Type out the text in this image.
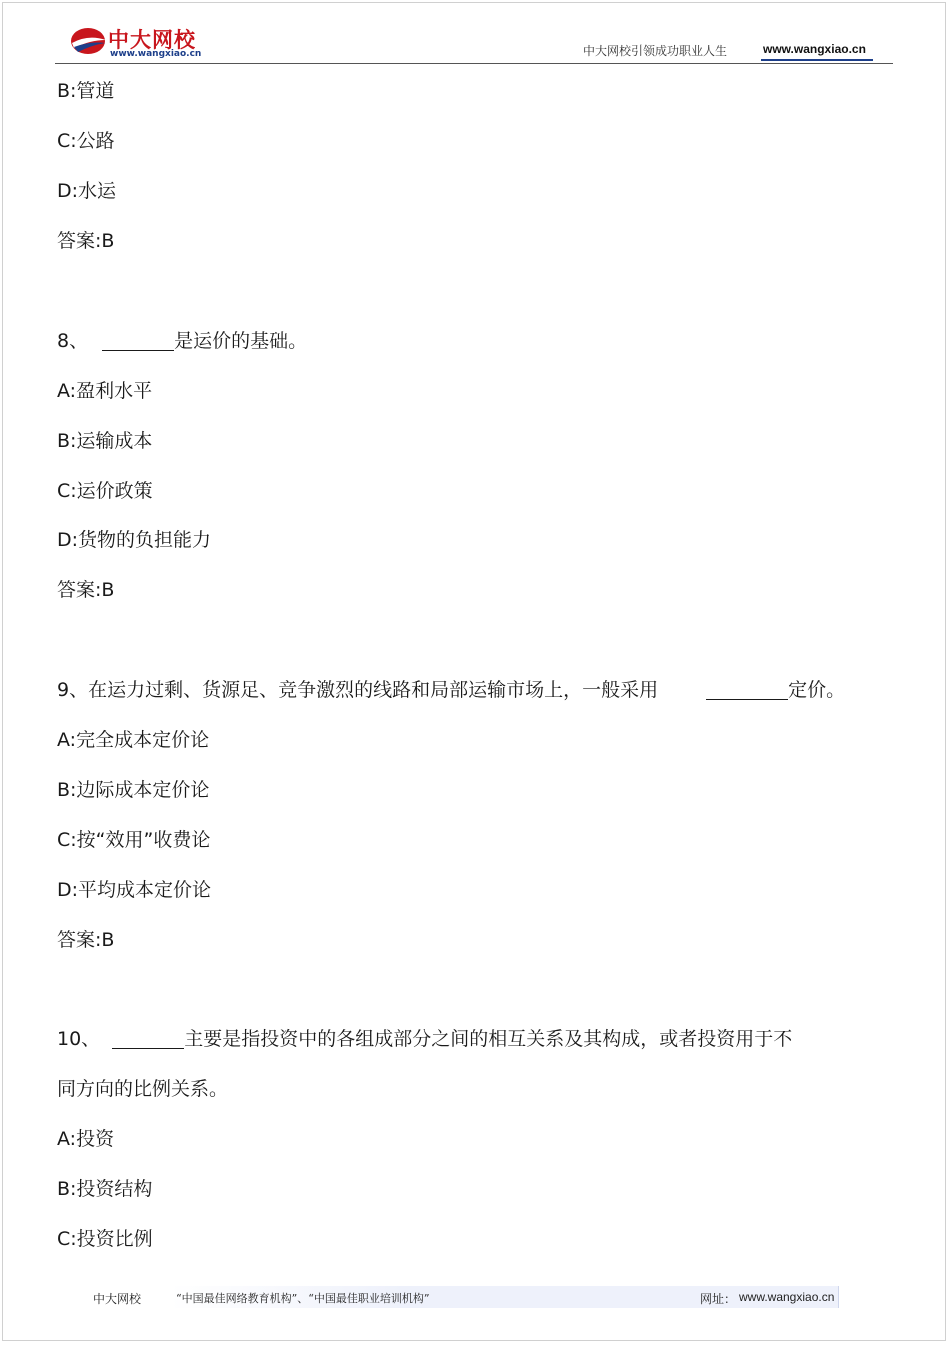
中大网校
www.wangxiao.cn	中大网校引领成功职业人生	www.wangxiao.cn
B:管道
C:公路
D:水运
答案:B
8、	是运价的基础。
A:盈利水平
B:运输成本
C:运价政策
D:货物的负担能力
答案:B
9、在运力过剩、货源足、竞争激烈的线路和局部运输市场上，一般采用	定价。
A:完全成本定价论
B:边际成本定价论
C:按“效用”收费论
D:平均成本定价论
答案:B
10、	主要是指投资中的各组成部分之间的相互关系及其构成，或者投资用于不
同方向的比例关系。
A:投资
B:投资结构
C:投资比例
中大网校	“中国最佳网络教育机构”、“中国最佳职业培训机构”	网址： www.wangxiao.cn
